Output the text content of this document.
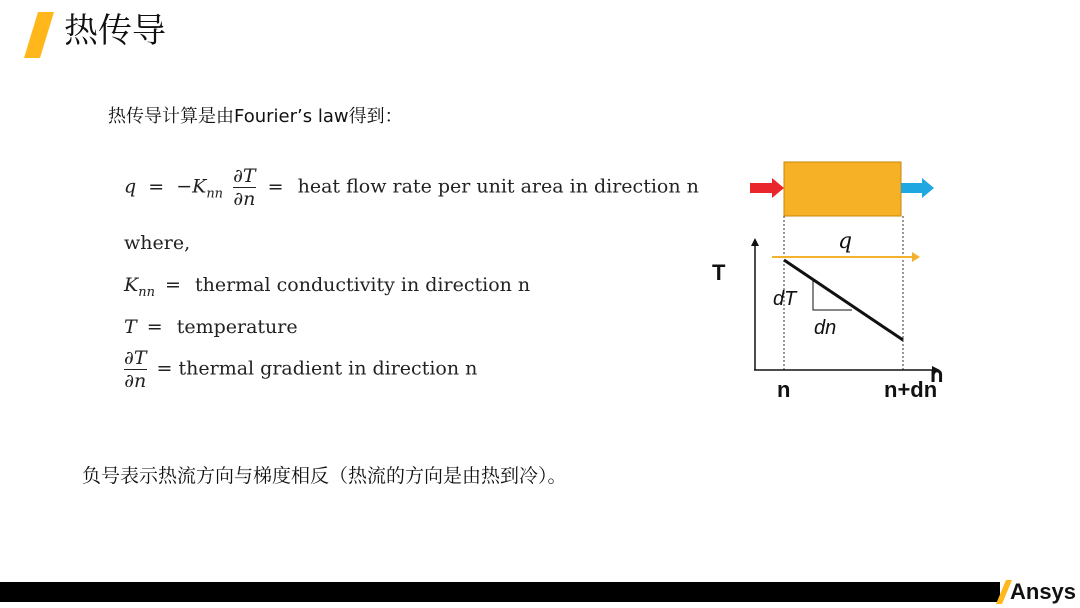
热传导
热传导计算是由Fourier’s law得到：
$q = -K_{nn} \frac{\partial T}{\partial n}$ = heat flow rate per unit area in direction n
where,
$K_{nn}$ = thermal conductivity in direction n
T = temperature
$\frac{\partial T}{\partial n}$ = thermal gradient in direction n
q
T
n
dT
dn
n	n+dn
负号表示热流方向与梯度相反（热流的方向是由热到冷）。
Ansys
